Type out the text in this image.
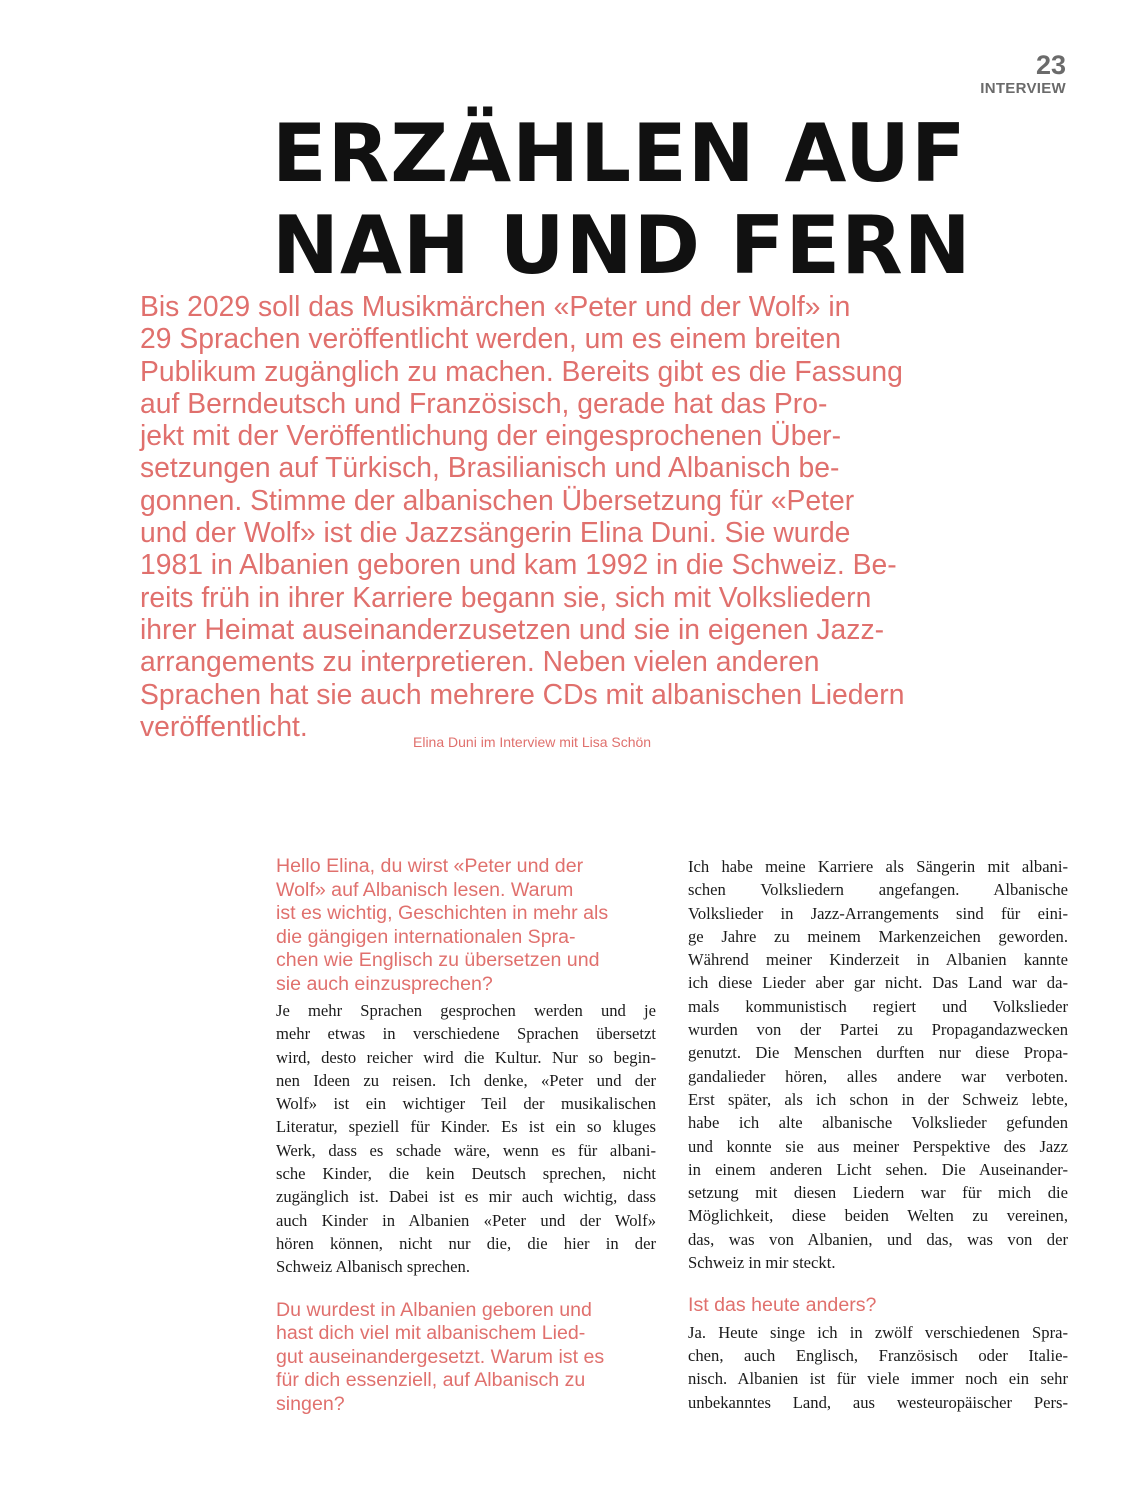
23
INTERVIEW
ERZÄHLEN AUF
NAH UND FERN

Bis 2029 soll das Musikmärchen «Peter und der Wolf» in
29 Sprachen veröffentlicht werden, um es einem breiten
Publikum zugänglich zu machen. Bereits gibt es die Fassung
auf Berndeutsch und Französisch, gerade hat das Pro-
jekt mit der Veröffentlichung der eingesprochenen Über-
setzungen auf Türkisch, Brasilianisch und Albanisch be-
gonnen. Stimme der albanischen Übersetzung für «Peter
und der Wolf» ist die Jazzsängerin Elina Duni. Sie wurde
1981 in Albanien geboren und kam 1992 in die Schweiz. Be-
reits früh in ihrer Karriere begann sie, sich mit Volksliedern
ihrer Heimat auseinanderzusetzen und sie in eigenen Jazz-
arrangements zu interpretieren. Neben vielen anderen
Sprachen hat sie auch mehrere CDs mit albanischen Liedern
veröffentlicht.

Elina Duni im Interview mit Lisa Schön

Hello Elina, du wirst «Peter und der
Wolf» auf Albanisch lesen. Warum
ist es wichtig, Geschichten in mehr als
die gängigen internationalen Spra-
chen wie Englisch zu übersetzen und
sie auch einzusprechen?

Je mehr Sprachen gesprochen werden und je
mehr etwas in verschiedene Sprachen übersetzt
wird, desto reicher wird die Kultur. Nur so begin-
nen Ideen zu reisen. Ich denke, «Peter und der
Wolf» ist ein wichtiger Teil der musikalischen
Literatur, speziell für Kinder. Es ist ein so kluges
Werk, dass es schade wäre, wenn es für albani-
sche Kinder, die kein Deutsch sprechen, nicht
zugänglich ist. Dabei ist es mir auch wichtig, dass
auch Kinder in Albanien «Peter und der Wolf»
hören können, nicht nur die, die hier in der
Schweiz Albanisch sprechen.

Du wurdest in Albanien geboren und
hast dich viel mit albanischem Lied-
gut auseinandergesetzt. Warum ist es
für dich essenziell, auf Albanisch zu
singen?

Ich habe meine Karriere als Sängerin mit albani-
schen Volksliedern angefangen. Albanische
Volkslieder in Jazz-Arrangements sind für eini-
ge Jahre zu meinem Markenzeichen geworden.
Während meiner Kinderzeit in Albanien kannte
ich diese Lieder aber gar nicht. Das Land war da-
mals kommunistisch regiert und Volkslieder
wurden von der Partei zu Propagandazwecken
genutzt. Die Menschen durften nur diese Propa-
gandalieder hören, alles andere war verboten.
Erst später, als ich schon in der Schweiz lebte,
habe ich alte albanische Volkslieder gefunden
und konnte sie aus meiner Perspektive des Jazz
in einem anderen Licht sehen. Die Auseinander-
setzung mit diesen Liedern war für mich die
Möglichkeit, diese beiden Welten zu vereinen,
das, was von Albanien, und das, was von der
Schweiz in mir steckt.

Ist das heute anders?

Ja. Heute singe ich in zwölf verschiedenen Spra-
chen, auch Englisch, Französisch oder Italie-
nisch. Albanien ist für viele immer noch ein sehr
unbekanntes Land, aus westeuropäischer Pers-
